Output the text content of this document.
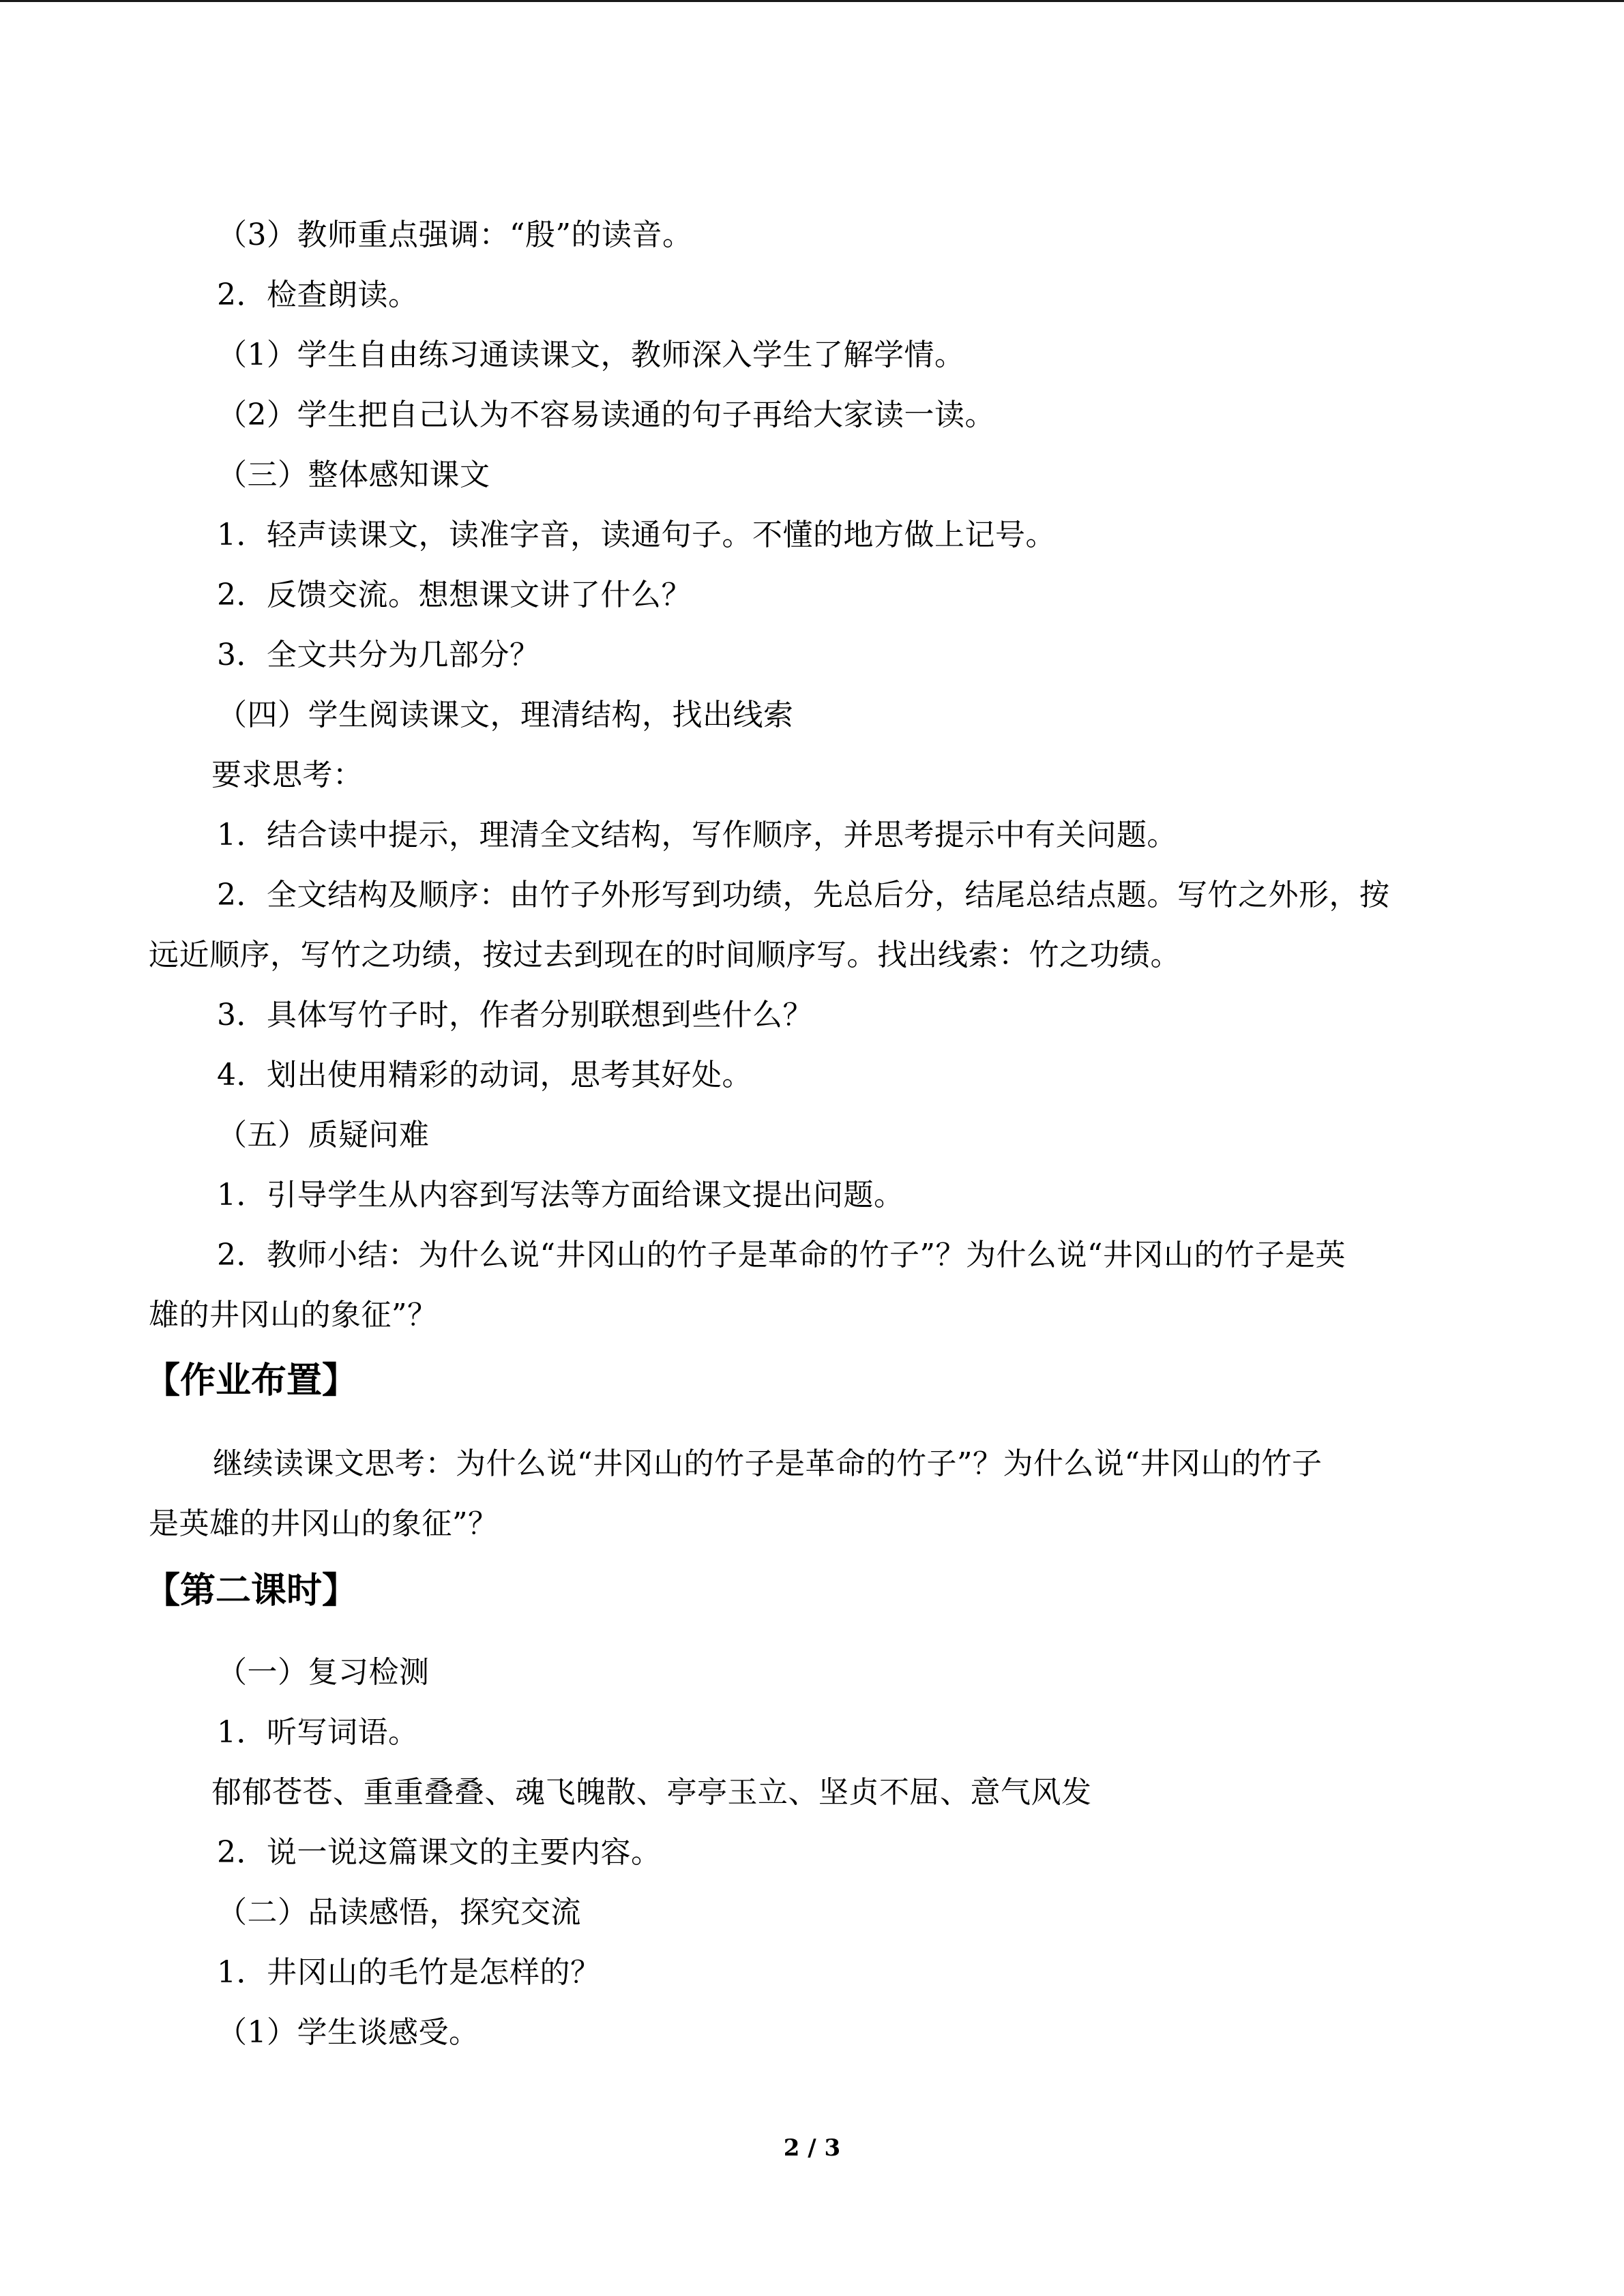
（3）教师重点强调：“殷”的读音。
2．检查朗读。
（1）学生自由练习通读课文，教师深入学生了解学情。
（2）学生把自己认为不容易读通的句子再给大家读一读。
（三）整体感知课文
1．轻声读课文，读准字音，读通句子。不懂的地方做上记号。
2．反馈交流。想想课文讲了什么？
3．全文共分为几部分？
（四）学生阅读课文，理清结构，找出线索
要求思考：
1．结合读中提示，理清全文结构，写作顺序，并思考提示中有关问题。
2．全文结构及顺序：由竹子外形写到功绩，先总后分，结尾总结点题。写竹之外形，按
远近顺序，写竹之功绩，按过去到现在的时间顺序写。找出线索：竹之功绩。
3．具体写竹子时，作者分别联想到些什么？
4．划出使用精彩的动词，思考其好处。
（五）质疑问难
1．引导学生从内容到写法等方面给课文提出问题。
2．教师小结：为什么说“井冈山的竹子是革命的竹子”？为什么说“井冈山的竹子是英
雄的井冈山的象征”？
【作业布置】
继续读课文思考：为什么说“井冈山的竹子是革命的竹子”？为什么说“井冈山的竹子
是英雄的井冈山的象征”？
【第二课时】
（一）复习检测
1．听写词语。
郁郁苍苍、重重叠叠、魂飞魄散、亭亭玉立、坚贞不屈、意气风发
2．说一说这篇课文的主要内容。
（二）品读感悟，探究交流
1．井冈山的毛竹是怎样的？
（1）学生谈感受。
2 / 3
